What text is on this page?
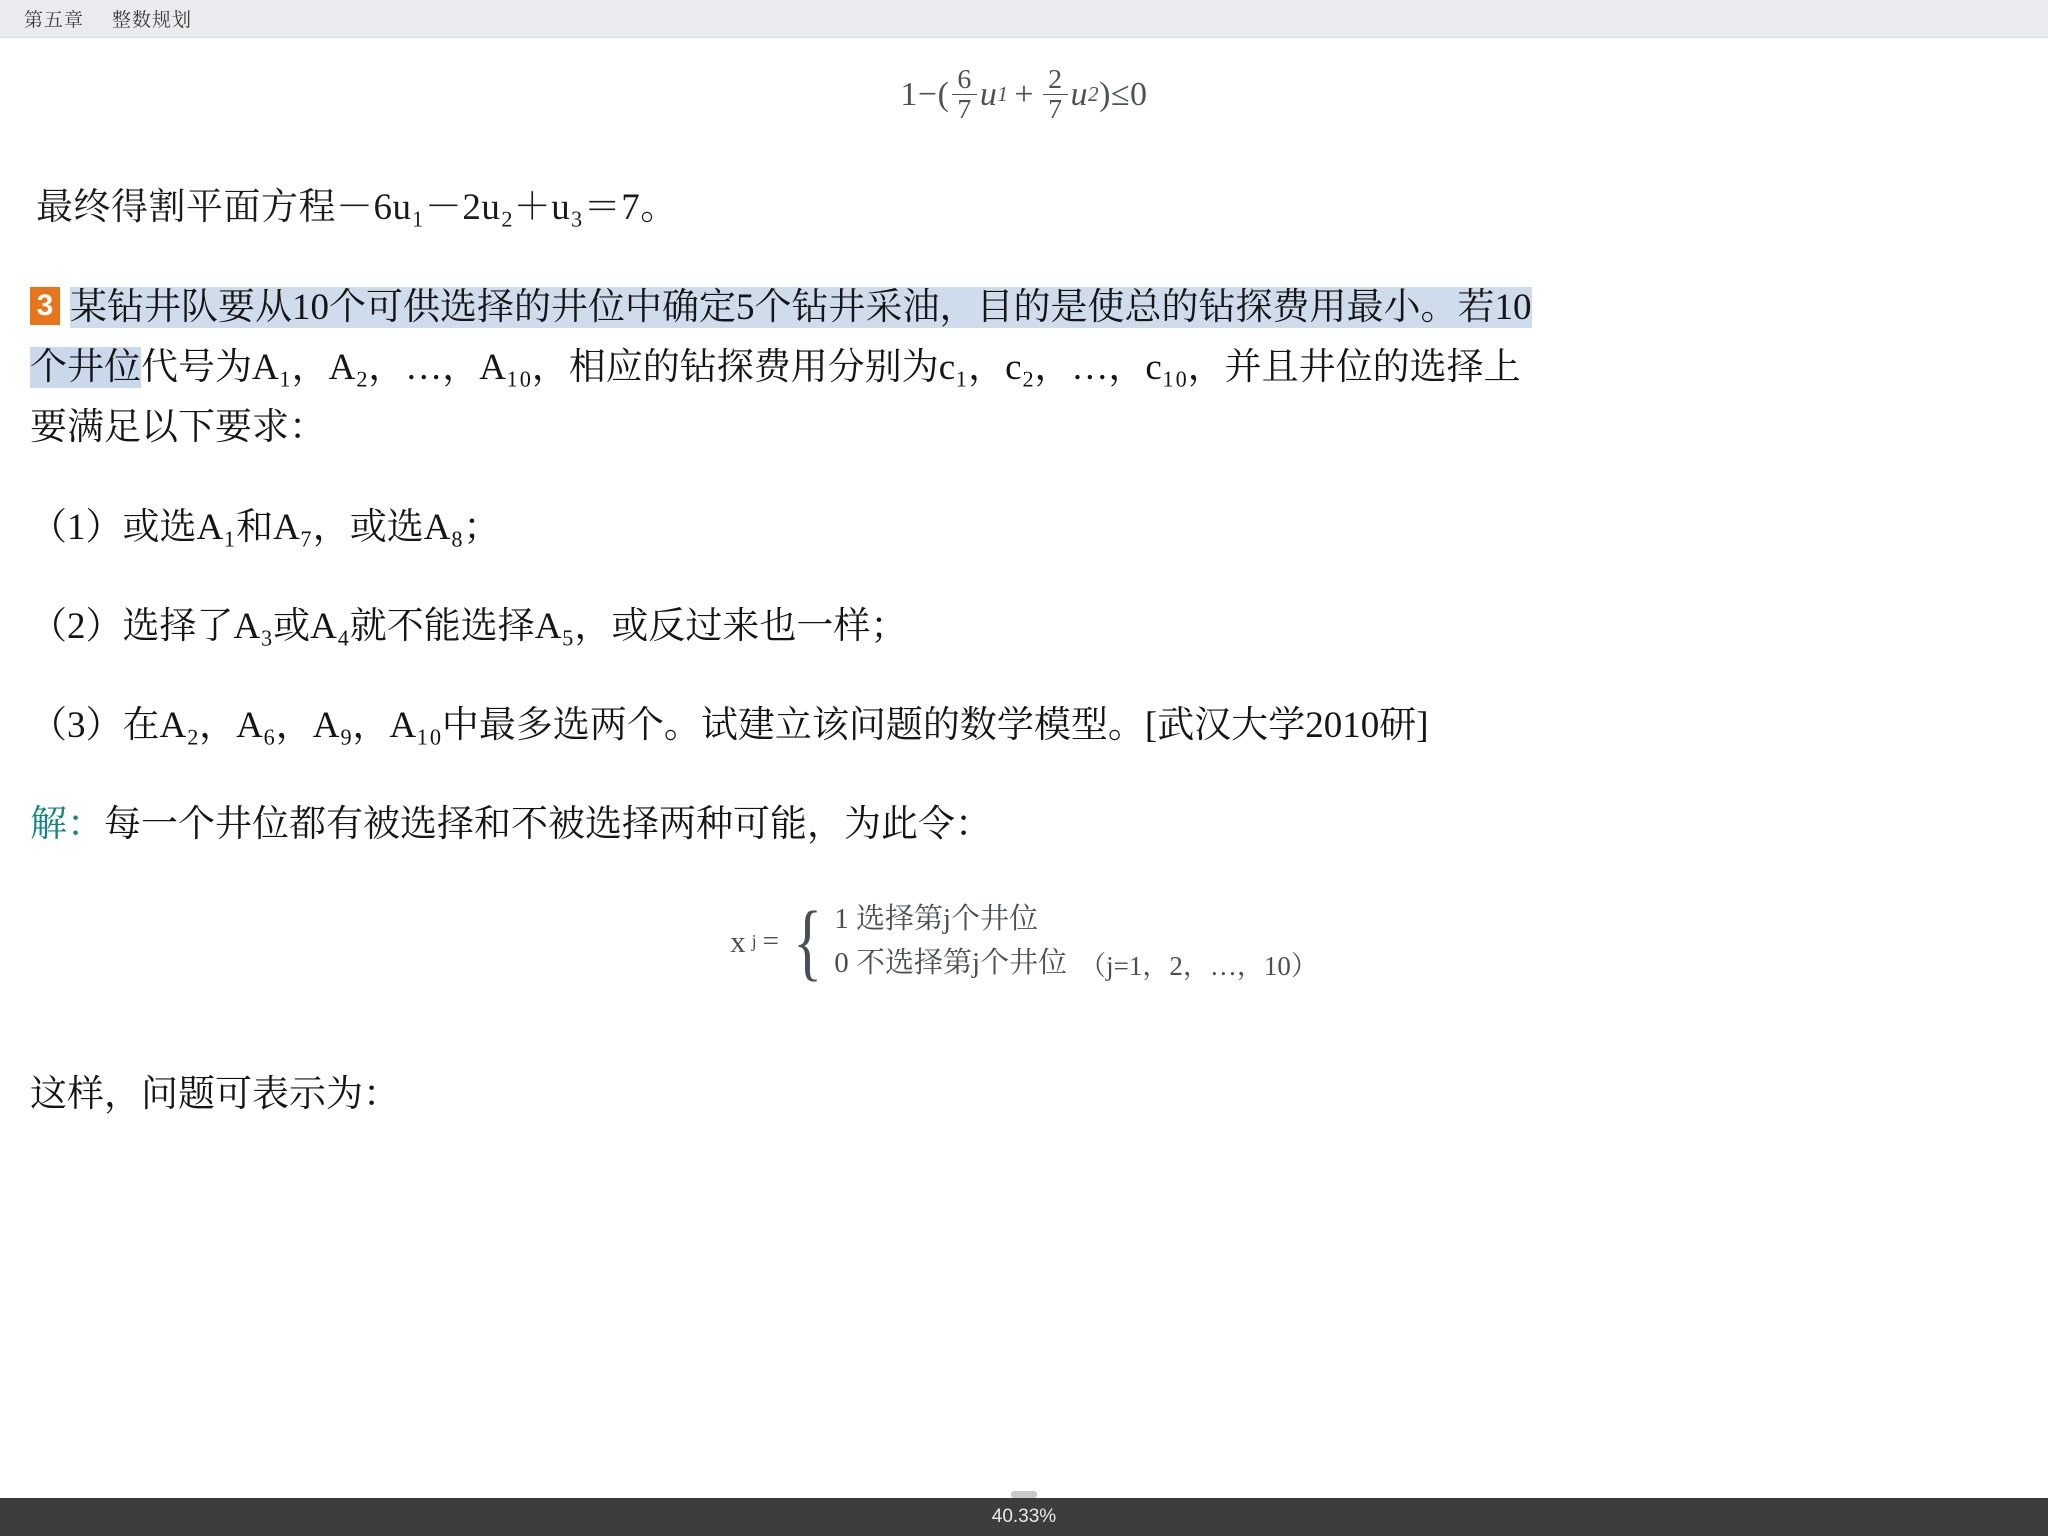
第五章 整数规划
$1-( \frac{6}{7}$ u $1 + \frac{2}{7}$ u 2 )≤0

最终得割平面方程－6u₁－2u₂＋u₃＝7。

3 某钻井队要从10个可供选择的井位中确定5个钻井采油，目的是使总的钻探费用最小。若10
个井位代号为A₁，A₂，…，A₁₀，相应的钻探费用分别为c₁，c₂，…，c₁₀，并且井位的选择上
要满足以下要求：
（1）或选A₁和A₇，或选A₈；
（2）选择了A₃或A₄就不能选择A₅，或反过来也一样；
（3）在A₂，A₆，A₉，A₁₀中最多选两个。试建立该问题的数学模型。[武汉大学2010研]
解：每一个井位都有被选择和不被选择两种可能，为此令：
x j = { 1 选择第j个井位
0 不选择第j个井位 （j=1，2，…，10）
这样，问题可表示为：
40.33%
